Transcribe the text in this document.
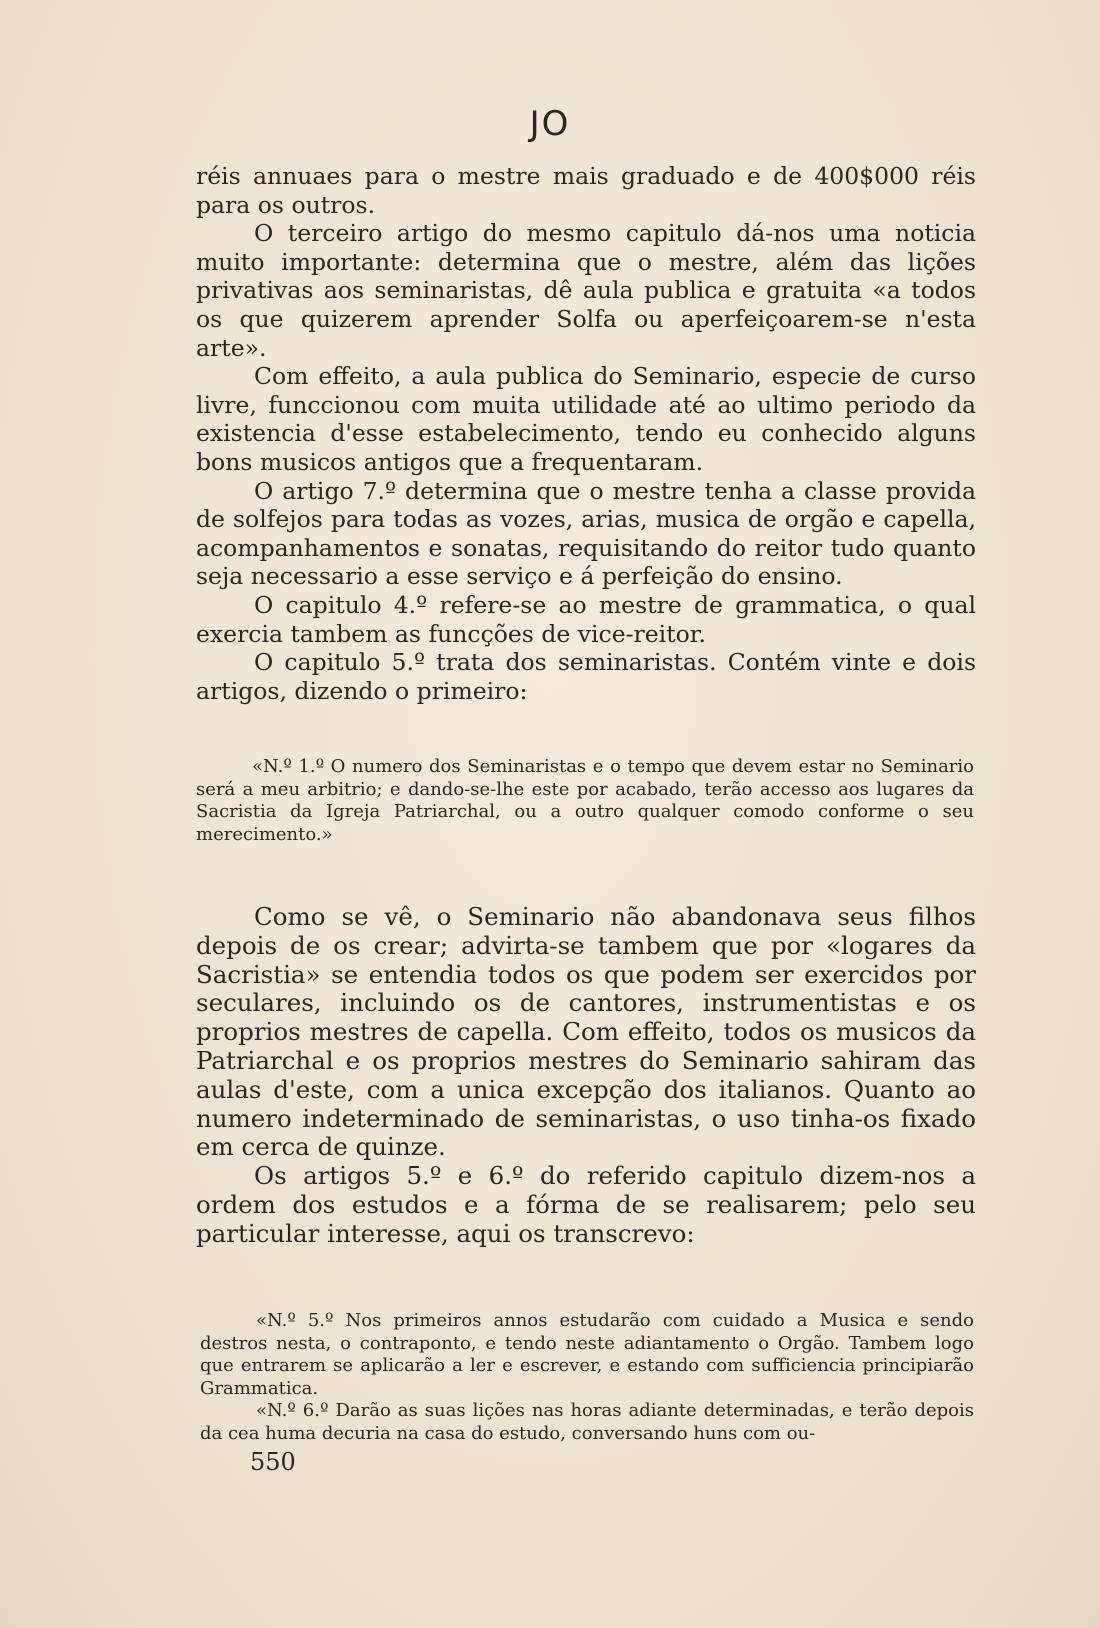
JO

réis annuaes para o mestre mais graduado e de 400$000 réis para os outros.

O terceiro artigo do mesmo capitulo dá-nos uma noticia muito importante: determina que o mestre, além das lições privativas aos seminaristas, dê aula publica e gratuita «a todos os que quizerem aprender Solfa ou aperfeiçoarem-se n'esta arte».

Com effeito, a aula publica do Seminario, especie de curso livre, funccionou com muita utilidade até ao ultimo periodo da existencia d'esse estabelecimento, tendo eu conhecido alguns bons musicos antigos que a frequentaram.

O artigo 7.º determina que o mestre tenha a classe provida de solfejos para todas as vozes, arias, musica de orgão e capella, acompanhamentos e sonatas, requisitando do reitor tudo quanto seja necessario a esse serviço e á perfeição do ensino.

O capitulo 4.º refere-se ao mestre de grammatica, o qual exercia tambem as funcções de vice-reitor.

O capitulo 5.º trata dos seminaristas. Contém vinte e dois artigos, dizendo o primeiro:

«N.º 1.º O numero dos Seminaristas e o tempo que devem estar no Seminario será a meu arbitrio; e dando-se-lhe este por acabado, terão accesso aos lugares da Sacristia da Igreja Patriarchal, ou a outro qualquer comodo conforme o seu merecimento.»

Como se vê, o Seminario não abandonava seus filhos depois de os crear; advirta-se tambem que por «logares da Sacristia» se entendia todos os que podem ser exercidos por seculares, incluindo os de cantores, instrumentistas e os proprios mestres de capella. Com effeito, todos os musicos da Patriarchal e os proprios mestres do Seminario sahiram das aulas d'este, com a unica excepção dos italianos. Quanto ao numero indeterminado de seminaristas, o uso tinha-os fixado em cerca de quinze.

Os artigos 5.º e 6.º do referido capitulo dizem-nos a ordem dos estudos e a fórma de se realisarem; pelo seu particular interesse, aqui os transcrevo:

«N.º 5.º Nos primeiros annos estudarão com cuidado a Musica e sendo destros nesta, o contraponto, e tendo neste adiantamento o Orgão. Tambem logo que entrarem se aplicarão a ler e escrever, e estando com sufficiencia principiarão Grammatica.

«N.º 6.º Darão as suas lições nas horas adiante determinadas, e terão depois da cea huma decuria na casa do estudo, conversando huns com ou-

550
